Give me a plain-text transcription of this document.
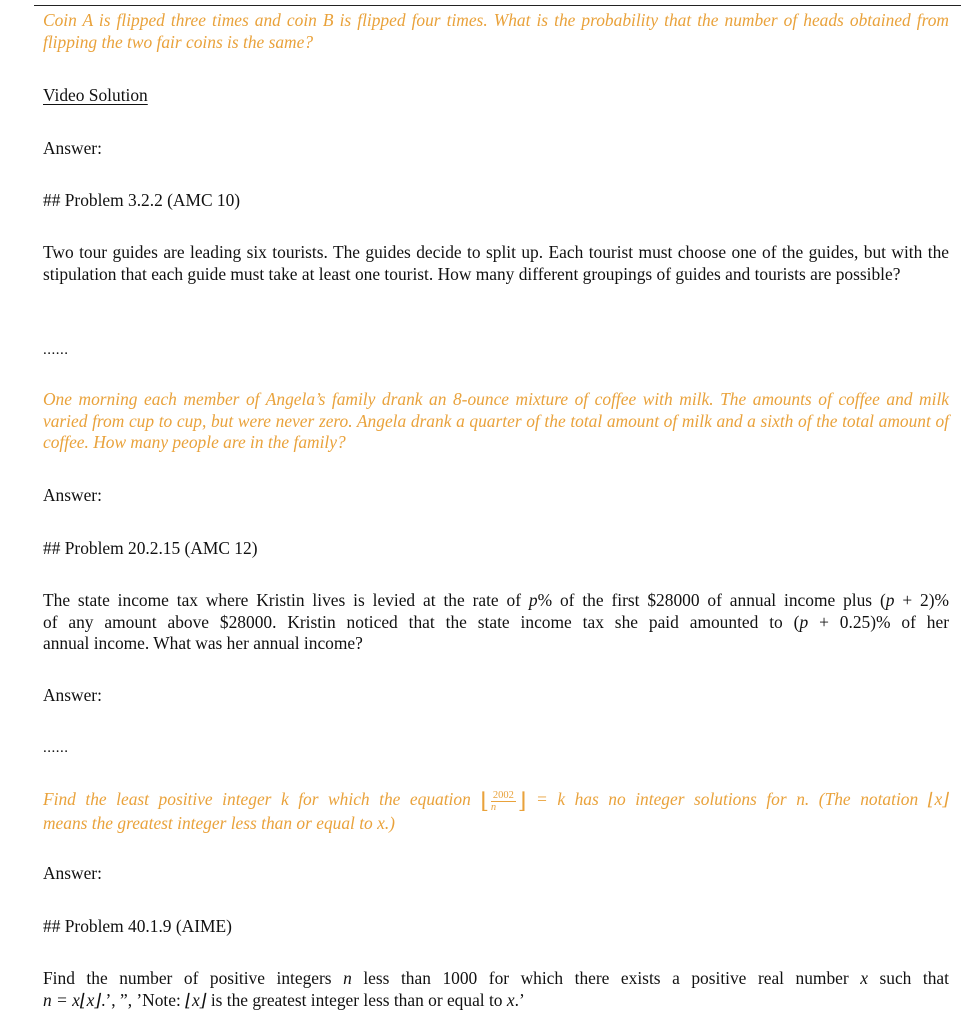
Coin A is flipped three times and coin B is flipped four times. What is the probability that the number of heads obtained from flipping the two fair coins is the same?

Video Solution

Answer:

## Problem 3.2.2 (AMC 10)

Two tour guides are leading six tourists. The guides decide to split up. Each tourist must choose one of the guides, but with the stipulation that each guide must take at least one tourist. How many different groupings of guides and tourists are possible?

......

One morning each member of Angela’s family drank an 8-ounce mixture of coffee with milk. The amounts of coffee and milk varied from cup to cup, but were never zero. Angela drank a quarter of the total amount of milk and a sixth of the total amount of coffee. How many people are in the family?

Answer:

## Problem 20.2.15 (AMC 12)

The state income tax where Kristin lives is levied at the rate of p% of the first $28000 of annual income plus (p + 2)%
of any amount above $28000. Kristin noticed that the state income tax she paid amounted to (p + 0.25)% of her
annual income. What was her annual income?

Answer:

......

Find the least positive integer k for which the equation ⌊ $\frac{2002}{n}$ ⌋ = k has no integer solutions for n. (The notation ⌊x⌋
means the greatest integer less than or equal to x.)

Answer:

## Problem 40.1.9 (AIME)

Find the number of positive integers n less than 1000 for which there exists a positive real number x such that
n = x⌊x⌋.’, ”, ’Note: ⌊x⌋ is the greatest integer less than or equal to x.’
